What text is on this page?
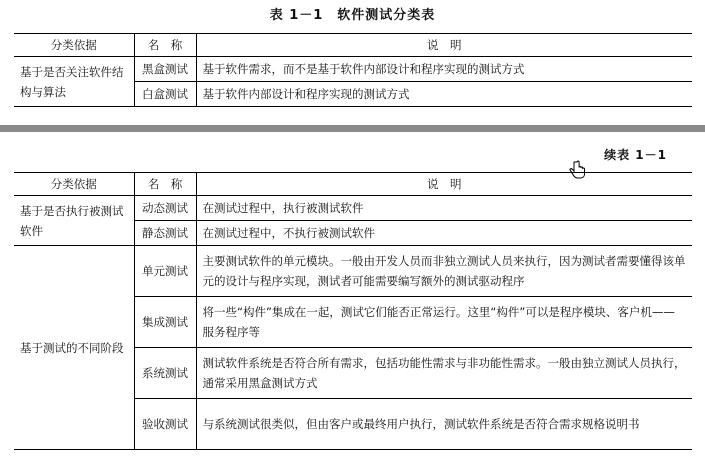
表 1－1　软件测试分类表
分类依据	名　称	说　明
基于是否关注软件结构与算法	黑盒测试	基于软件需求，而不是基于软件内部设计和程序实现的测试方式
	白盒测试	基于软件内部设计和程序实现的测试方式
续表 1－1
分类依据	名　称	说　明
基于是否执行被测试软件	动态测试	在测试过程中，执行被测试软件
	静态测试	在测试过程中，不执行被测试软件
基于测试的不同阶段	单元测试	主要测试软件的单元模块。一般由开发人员而非独立测试人员来执行，因为测试者需要懂得该单元的设计与程序实现，测试者可能需要编写额外的测试驱动程序
	集成测试	将一些“构件”集成在一起，测试它们能否正常运行。这里“构件”可以是程序模块、客户机——服务程序等
	系统测试	测试软件系统是否符合所有需求，包括功能性需求与非功能性需求。一般由独立测试人员执行，通常采用黑盒测试方式
	验收测试	与系统测试很类似，但由客户或最终用户执行，测试软件系统是否符合需求规格说明书
